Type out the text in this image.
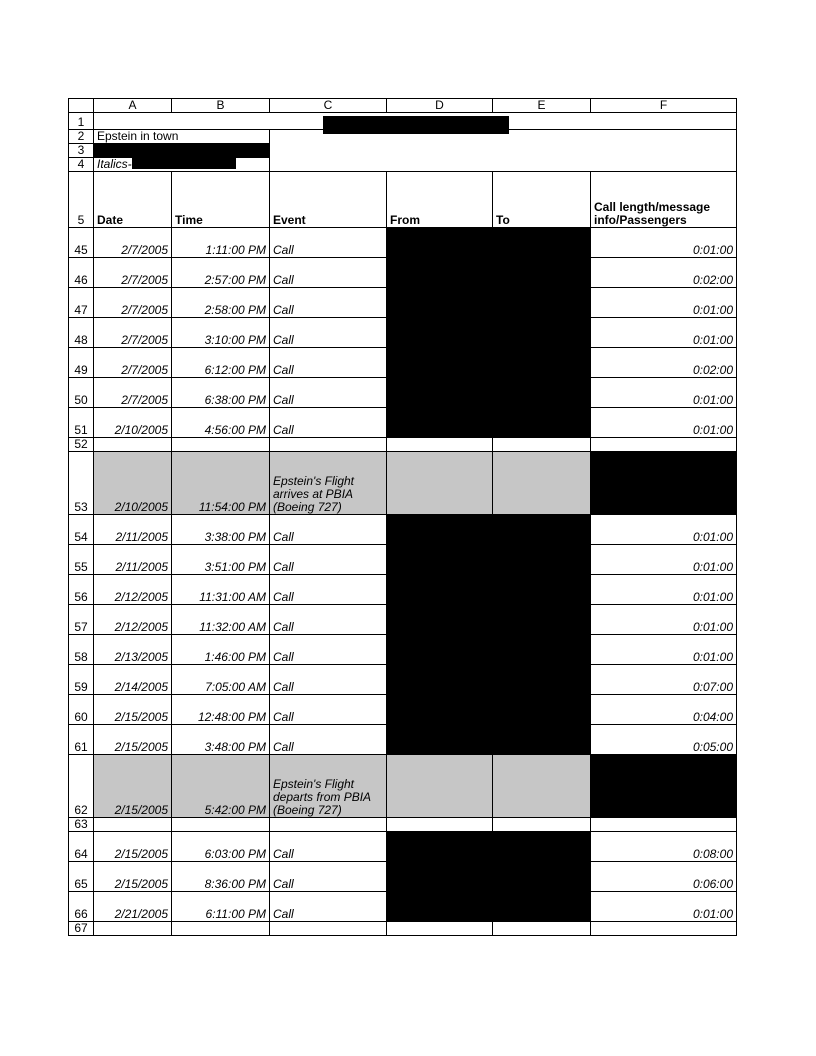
	A	B	C	D	E	F
1						
2	Epstein in town					
3						
4	Italics-					
5	Date	Time	Event	From	To	Call length/message info/Passengers
45	2/7/2005	1:11:00 PM	Call			0:01:00
46	2/7/2005	2:57:00 PM	Call			0:02:00
47	2/7/2005	2:58:00 PM	Call			0:01:00
48	2/7/2005	3:10:00 PM	Call			0:01:00
49	2/7/2005	6:12:00 PM	Call			0:02:00
50	2/7/2005	6:38:00 PM	Call			0:01:00
51	2/10/2005	4:56:00 PM	Call			0:01:00
52						
53	2/10/2005	11:54:00 PM	Epstein's Flight arrives at PBIA (Boeing 727)			
54	2/11/2005	3:38:00 PM	Call			0:01:00
55	2/11/2005	3:51:00 PM	Call			0:01:00
56	2/12/2005	11:31:00 AM	Call			0:01:00
57	2/12/2005	11:32:00 AM	Call			0:01:00
58	2/13/2005	1:46:00 PM	Call			0:01:00
59	2/14/2005	7:05:00 AM	Call			0:07:00
60	2/15/2005	12:48:00 PM	Call			0:04:00
61	2/15/2005	3:48:00 PM	Call			0:05:00
62	2/15/2005	5:42:00 PM	Epstein's Flight departs from PBIA (Boeing 727)			
63						
64	2/15/2005	6:03:00 PM	Call			0:08:00
65	2/15/2005	8:36:00 PM	Call			0:06:00
66	2/21/2005	6:11:00 PM	Call			0:01:00
67						
